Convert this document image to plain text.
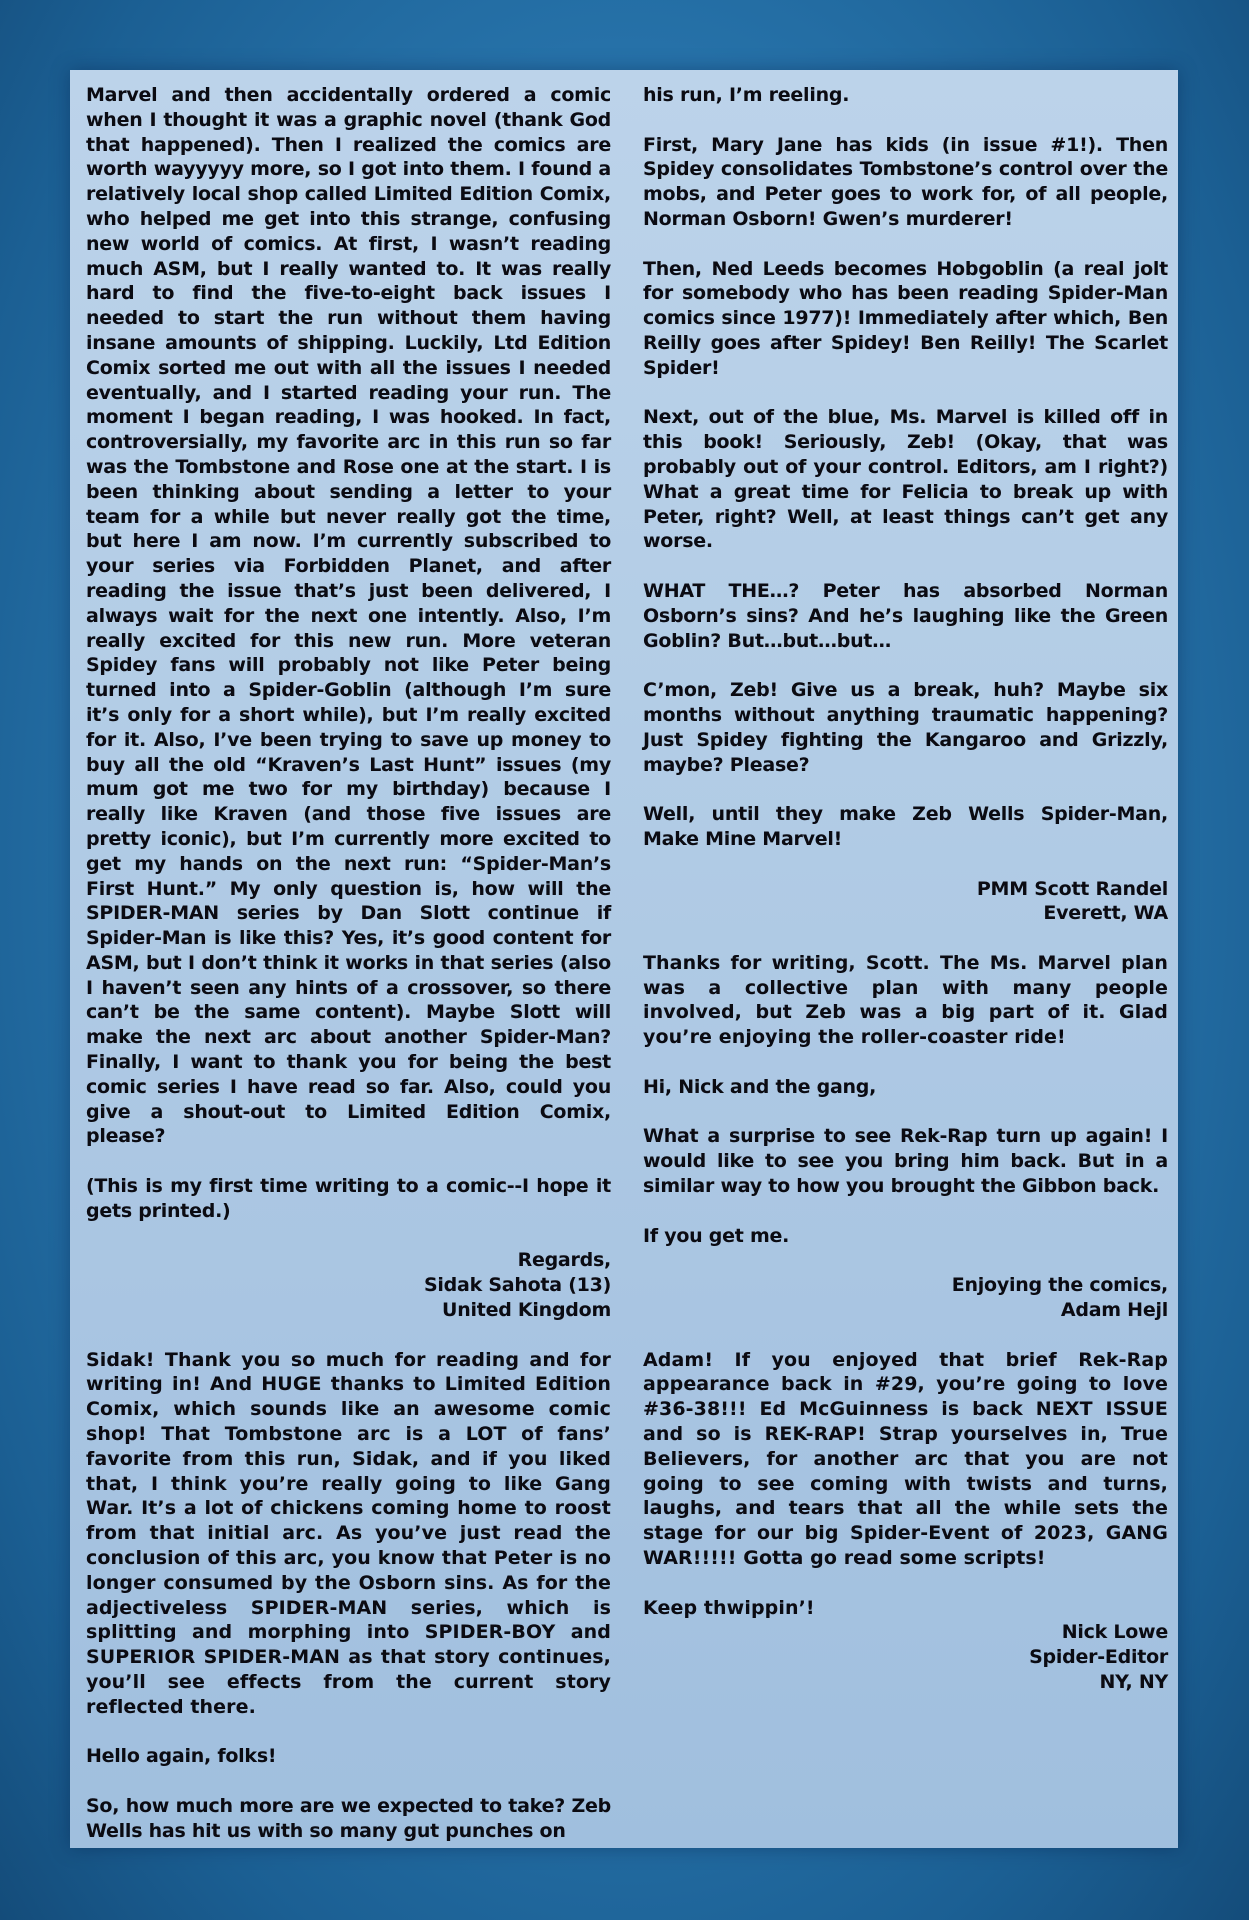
Marvel and then accidentally ordered a comic when I thought it was a graphic novel (thank God that happened). Then I realized the comics are worth wayyyyy more, so I got into them. I found a relatively local shop called Limited Edition Comix, who helped me get into this strange, confusing new world of comics. At first, I wasn’t reading much ASM, but I really wanted to. It was really hard to find the five-to-eight back issues I needed to start the run without them having insane amounts of shipping. Luckily, Ltd Edition Comix sorted me out with all the issues I needed eventually, and I started reading your run. The moment I began reading, I was hooked. In fact, controversially, my favorite arc in this run so far was the Tombstone and Rose one at the start. I is been thinking about sending a letter to your team for a while but never really got the time, but here I am now. I’m currently subscribed to your series via Forbidden Planet, and after reading the issue that’s just been delivered, I always wait for the next one intently. Also, I’m really excited for this new run. More veteran Spidey fans will probably not like Peter being turned into a Spider-Goblin (although I’m sure it’s only for a short while), but I’m really excited for it. Also, I’ve been trying to save up money to buy all the old “Kraven’s Last Hunt” issues (my mum got me two for my birthday) because I really like Kraven (and those five issues are pretty iconic), but I’m currently more excited to get my hands on the next run: “Spider-Man’s First Hunt.” My only question is, how will the SPIDER-MAN series by Dan Slott continue if Spider-Man is like this? Yes, it’s good content for ASM, but I don’t think it works in that series (also I haven’t seen any hints of a crossover, so there can’t be the same content). Maybe Slott will make the next arc about another Spider-Man? Finally, I want to thank you for being the best comic series I have read so far. Also, could you give a shout-out to Limited Edition Comix, please?

(This is my first time writing to a comic--I hope it gets printed.)

Regards,
Sidak Sahota (13)
United Kingdom

Sidak! Thank you so much for reading and for writing in! And HUGE thanks to Limited Edition Comix, which sounds like an awesome comic shop! That Tombstone arc is a LOT of fans’ favorite from this run, Sidak, and if you liked that, I think you’re really going to like Gang War. It’s a lot of chickens coming home to roost from that initial arc. As you’ve just read the conclusion of this arc, you know that Peter is no longer consumed by the Osborn sins. As for the adjectiveless SPIDER-MAN series, which is splitting and morphing into SPIDER-BOY and SUPERIOR SPIDER-MAN as that story continues, you’ll see effects from the current story reflected there.

Hello again, folks!

So, how much more are we expected to take? Zeb Wells has hit us with so many gut punches on

his run, I’m reeling.

First, Mary Jane has kids (in issue #1!). Then Spidey consolidates Tombstone’s control over the mobs, and Peter goes to work for, of all people, Norman Osborn! Gwen’s murderer!

Then, Ned Leeds becomes Hobgoblin (a real jolt for somebody who has been reading Spider-Man comics since 1977)! Immediately after which, Ben Reilly goes after Spidey! Ben Reilly! The Scarlet Spider!

Next, out of the blue, Ms. Marvel is killed off in this book! Seriously, Zeb! (Okay, that was probably out of your control. Editors, am I right?) What a great time for Felicia to break up with Peter, right? Well, at least things can’t get any worse.

WHAT THE…? Peter has absorbed Norman Osborn’s sins? And he’s laughing like the Green Goblin? But…but…but…

C’mon, Zeb! Give us a break, huh? Maybe six months without anything traumatic happening? Just Spidey fighting the Kangaroo and Grizzly, maybe? Please?

Well, until they make Zeb Wells Spider-Man, Make Mine Marvel!

PMM Scott Randel
Everett, WA

Thanks for writing, Scott. The Ms. Marvel plan was a collective plan with many people involved, but Zeb was a big part of it. Glad you’re enjoying the roller-coaster ride!

Hi, Nick and the gang,

What a surprise to see Rek-Rap turn up again! I would like to see you bring him back. But in a similar way to how you brought the Gibbon back.

If you get me.

Enjoying the comics,
Adam Hejl

Adam! If you enjoyed that brief Rek-Rap appearance back in #29, you’re going to love #36-38!!! Ed McGuinness is back NEXT ISSUE and so is REK-RAP! Strap yourselves in, True Believers, for another arc that you are not going to see coming with twists and turns, laughs, and tears that all the while sets the stage for our big Spider-Event of 2023, GANG WAR!!!!! Gotta go read some scripts!

Keep thwippin’!

Nick Lowe
Spider-Editor
NY, NY
